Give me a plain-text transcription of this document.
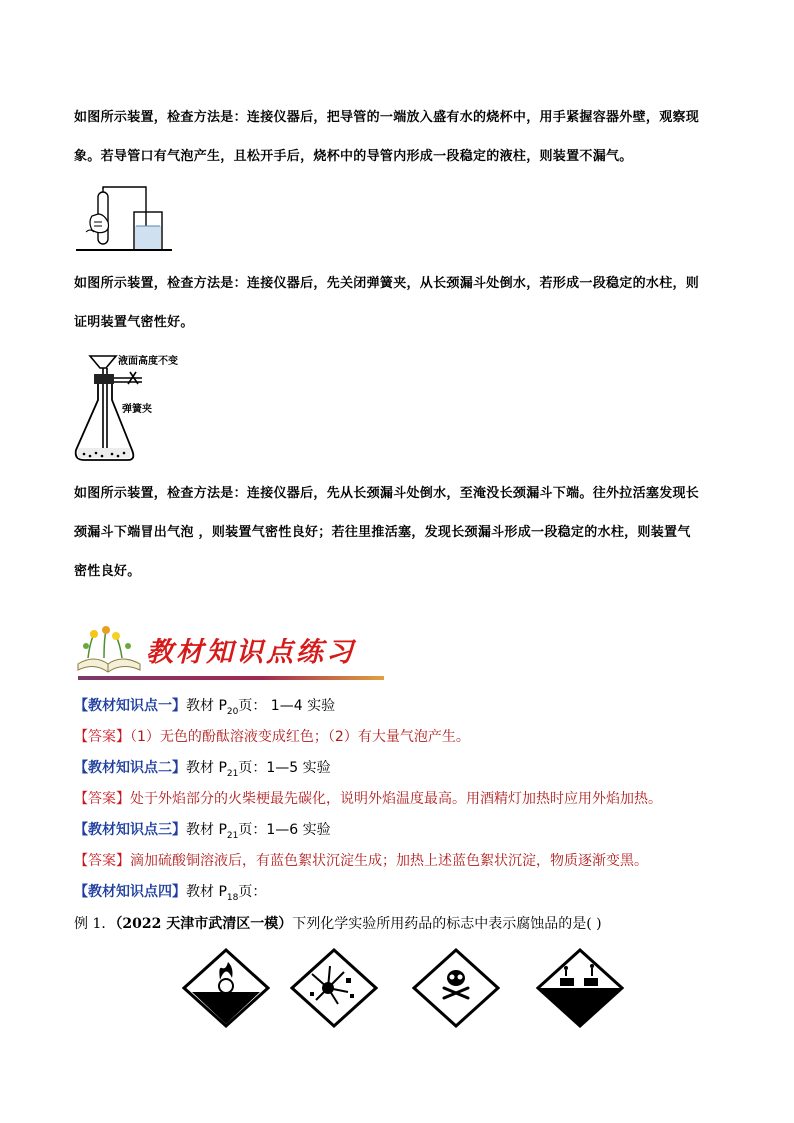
如图所示装置，检查方法是：连接仪器后，把导管的一端放入盛有水的烧杯中，用手紧握容器外壁，观察现
象。若导管口有气泡产生，且松开手后，烧杯中的导管内形成一段稳定的液柱，则装置不漏气。
如图所示装置，检查方法是：连接仪器后，先关闭弹簧夹，从长颈漏斗处倒水，若形成一段稳定的水柱，则
证明装置气密性好。
液面高度不变
弹簧夹
如图所示装置，检查方法是：连接仪器后，先从长颈漏斗处倒水，至淹没长颈漏斗下端。往外拉活塞发现长
颈漏斗下端冒出气泡 ，则装置气密性良好；若往里推活塞，发现长颈漏斗形成一段稳定的水柱，则装置气
密性良好。
教材知识点练习
【教材知识点一】教材 $P_{20}$页： 1—4 实验
【答案】（1）无色的酚酞溶液变成红色；（2）有大量气泡产生。
【教材知识点二】教材 $P_{21}$页：1—5 实验
【答案】处于外焰部分的火柴梗最先碳化，说明外焰温度最高。用酒精灯加热时应用外焰加热。
【教材知识点三】教材 $P_{21}$页：1—6 实验
【答案】滴加硫酸铜溶液后，有蓝色絮状沉淀生成；加热上述蓝色絮状沉淀，物质逐渐变黑。
【教材知识点四】教材 $P_{18}$页：
例 1．（2022 天津市武清区一模）下列化学实验所用药品的标志中表示腐蚀品的是( )
